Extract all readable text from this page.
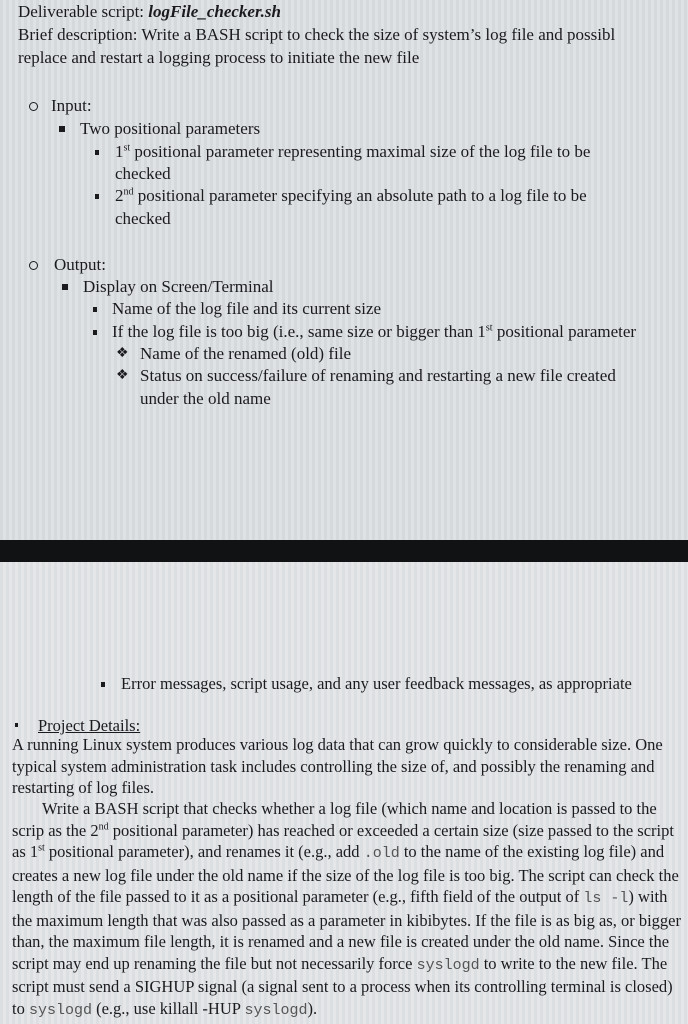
Deliverable script: logFile_checker.sh
Brief description: Write a BASH script to check the size of system’s log file and possibl
replace and restart a logging process to initiate the new file
Input:
Two positional parameters
1st positional parameter representing maximal size of the log file to be
checked
2nd positional parameter specifying an absolute path to a log file to be
checked
Output:
Display on Screen/Terminal
Name of the log file and its current size
If the log file is too big (i.e., same size or bigger than 1st positional parameter
❖ Name of the renamed (old) file
❖ Status on success/failure of renaming and restarting a new file created
under the old name
Error messages, script usage, and any user feedback messages, as appropriate
Project Details:
A running Linux system produces various log data that can grow quickly to considerable size. One typical system administration task includes controlling the size of, and possibly the renaming and restarting of log files.
Write a BASH script that checks whether a log file (which name and location is passed to the scrip as the 2nd positional parameter) has reached or exceeded a certain size (size passed to the script as 1st positional parameter), and renames it (e.g., add .old to the name of the existing log file) and creates a new log file under the old name if the size of the log file is too big. The script can check the length of the file passed to it as a positional parameter (e.g., fifth field of the output of ls -l) with the maximum length that was also passed as a parameter in kibibytes. If the file is as big as, or bigger than, the maximum file length, it is renamed and a new file is created under the old name. Since the script may end up renaming the file but not necessarily force syslogd to write to the new file. The script must send a SIGHUP signal (a signal sent to a process when its controlling terminal is closed) to syslogd (e.g., use killall -HUP syslogd).
